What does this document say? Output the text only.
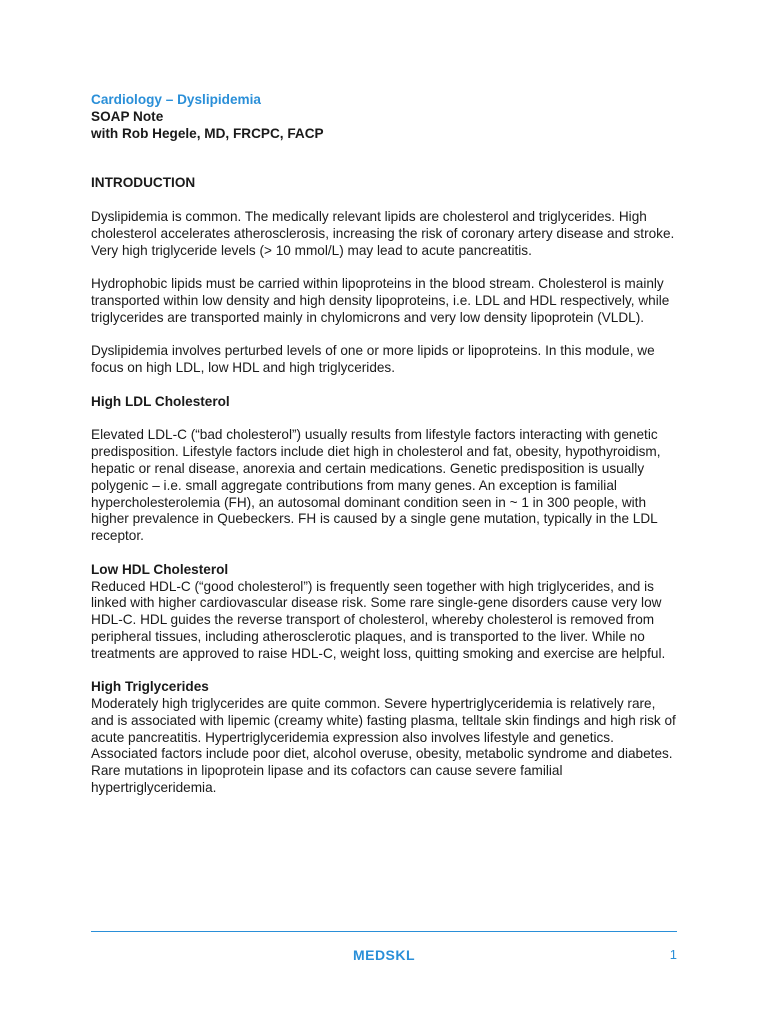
Cardiology – Dyslipidemia

SOAP Note

with Rob Hegele, MD, FRCPC, FACP

INTRODUCTION

Dyslipidemia is common. The medically relevant lipids are cholesterol and triglycerides. High cholesterol accelerates atherosclerosis, increasing the risk of coronary artery disease and stroke. Very high triglyceride levels (> 10 mmol/L) may lead to acute pancreatitis.

Hydrophobic lipids must be carried within lipoproteins in the blood stream. Cholesterol is mainly transported within low density and high density lipoproteins, i.e. LDL and HDL respectively, while triglycerides are transported mainly in chylomicrons and very low density lipoprotein (VLDL).

Dyslipidemia involves perturbed levels of one or more lipids or lipoproteins. In this module, we focus on high LDL, low HDL and high triglycerides.

High LDL Cholesterol

Elevated LDL-C (“bad cholesterol”) usually results from lifestyle factors interacting with genetic predisposition. Lifestyle factors include diet high in cholesterol and fat, obesity, hypothyroidism, hepatic or renal disease, anorexia and certain medications. Genetic predisposition is usually polygenic – i.e. small aggregate contributions from many genes. An exception is familial hypercholesterolemia (FH), an autosomal dominant condition seen in ~ 1 in 300 people, with higher prevalence in Quebeckers. FH is caused by a single gene mutation, typically in the LDL receptor.

Low HDL Cholesterol

Reduced HDL-C (“good cholesterol”) is frequently seen together with high triglycerides, and is linked with higher cardiovascular disease risk. Some rare single-gene disorders cause very low HDL-C. HDL guides the reverse transport of cholesterol, whereby cholesterol is removed from peripheral tissues, including atherosclerotic plaques, and is transported to the liver. While no treatments are approved to raise HDL-C, weight loss, quitting smoking and exercise are helpful.

High Triglycerides

Moderately high triglycerides are quite common. Severe hypertriglyceridemia is relatively rare, and is associated with lipemic (creamy white) fasting plasma, telltale skin findings and high risk of acute pancreatitis. Hypertriglyceridemia expression also involves lifestyle and genetics. Associated factors include poor diet, alcohol overuse, obesity, metabolic syndrome and diabetes. Rare mutations in lipoprotein lipase and its cofactors can cause severe familial hypertriglyceridemia.

MEDSKL	1
